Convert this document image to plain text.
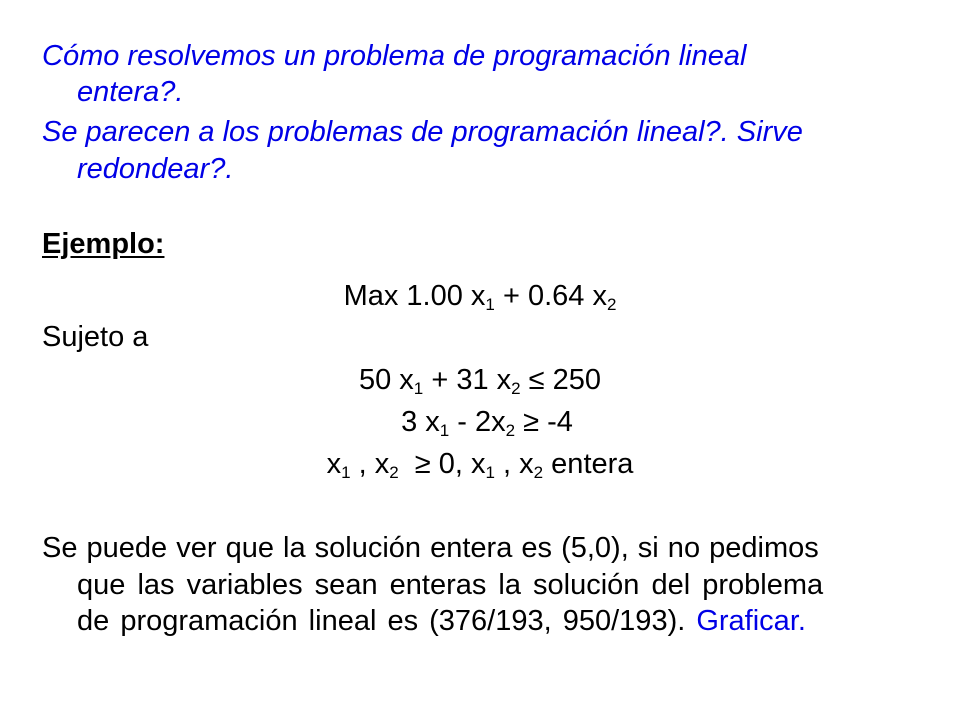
Cómo resolvemos un problema de programación lineal
entera?.
Se parecen a los problemas de programación lineal?. Sirve
redondear?.
Ejemplo:
Max 1.00 $x_1 + 0.64$ $x_2$
Sujeto a
50 $x_1 + 31$ $x_2 \le 250$
3 $x_1 - 2x_2 \ge -4$
$x_1$ , $x_2 \ge 0$, $x_1$ , $x_2$ entera
Se puede ver que la solución entera es (5,0), si no pedimos
que las variables sean enteras la solución del problema
de programación lineal es (376/193, 950/193). Graficar.
